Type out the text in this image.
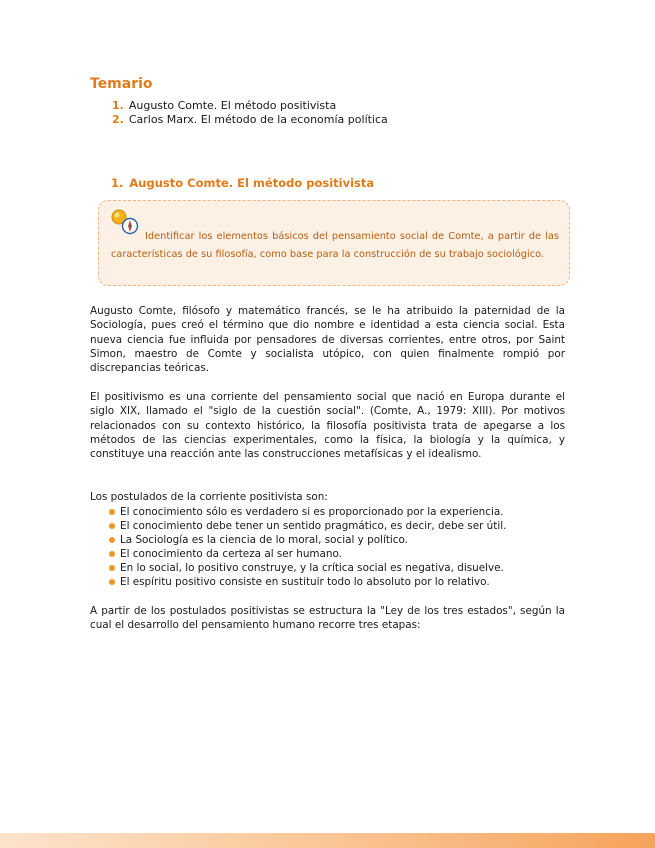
Temario
1. Augusto Comte. El método positivista
2. Carlos Marx. El método de la economía política
1. Augusto Comte. El método positivista

Identificar los elementos básicos del pensamiento social de Comte, a partir de las características de su filosofía, como base para la construcción de su trabajo sociológico.

Augusto Comte, filósofo y matemático francés, se le ha atribuido la paternidad de la Sociología, pues creó el término que dio nombre e identidad a esta ciencia social. Esta nueva ciencia fue influida por pensadores de diversas corrientes, entre otros, por Saint Simon, maestro de Comte y socialista utópico, con quien finalmente rompió por discrepancias teóricas.

El positivismo es una corriente del pensamiento social que nació en Europa durante el siglo XIX, llamado el "siglo de la cuestión social". (Comte, A., 1979: XIII). Por motivos relacionados con su contexto histórico, la filosofía positivista trata de apegarse a los métodos de las ciencias experimentales, como la física, la biología y la química, y constituye una reacción ante las construcciones metafísicas y el idealismo.

Los postulados de la corriente positivista son:

El conocimiento sólo es verdadero si es proporcionado por la experiencia.
El conocimiento debe tener un sentido pragmático, es decir, debe ser útil.
La Sociología es la ciencia de lo moral, social y político.
El conocimiento da certeza al ser humano.
En lo social, lo positivo construye, y la crítica social es negativa, disuelve.
El espíritu positivo consiste en sustituir todo lo absoluto por lo relativo.

A partir de los postulados positivistas se estructura la "Ley de los tres estados", según la cual el desarrollo del pensamiento humano recorre tres etapas:
